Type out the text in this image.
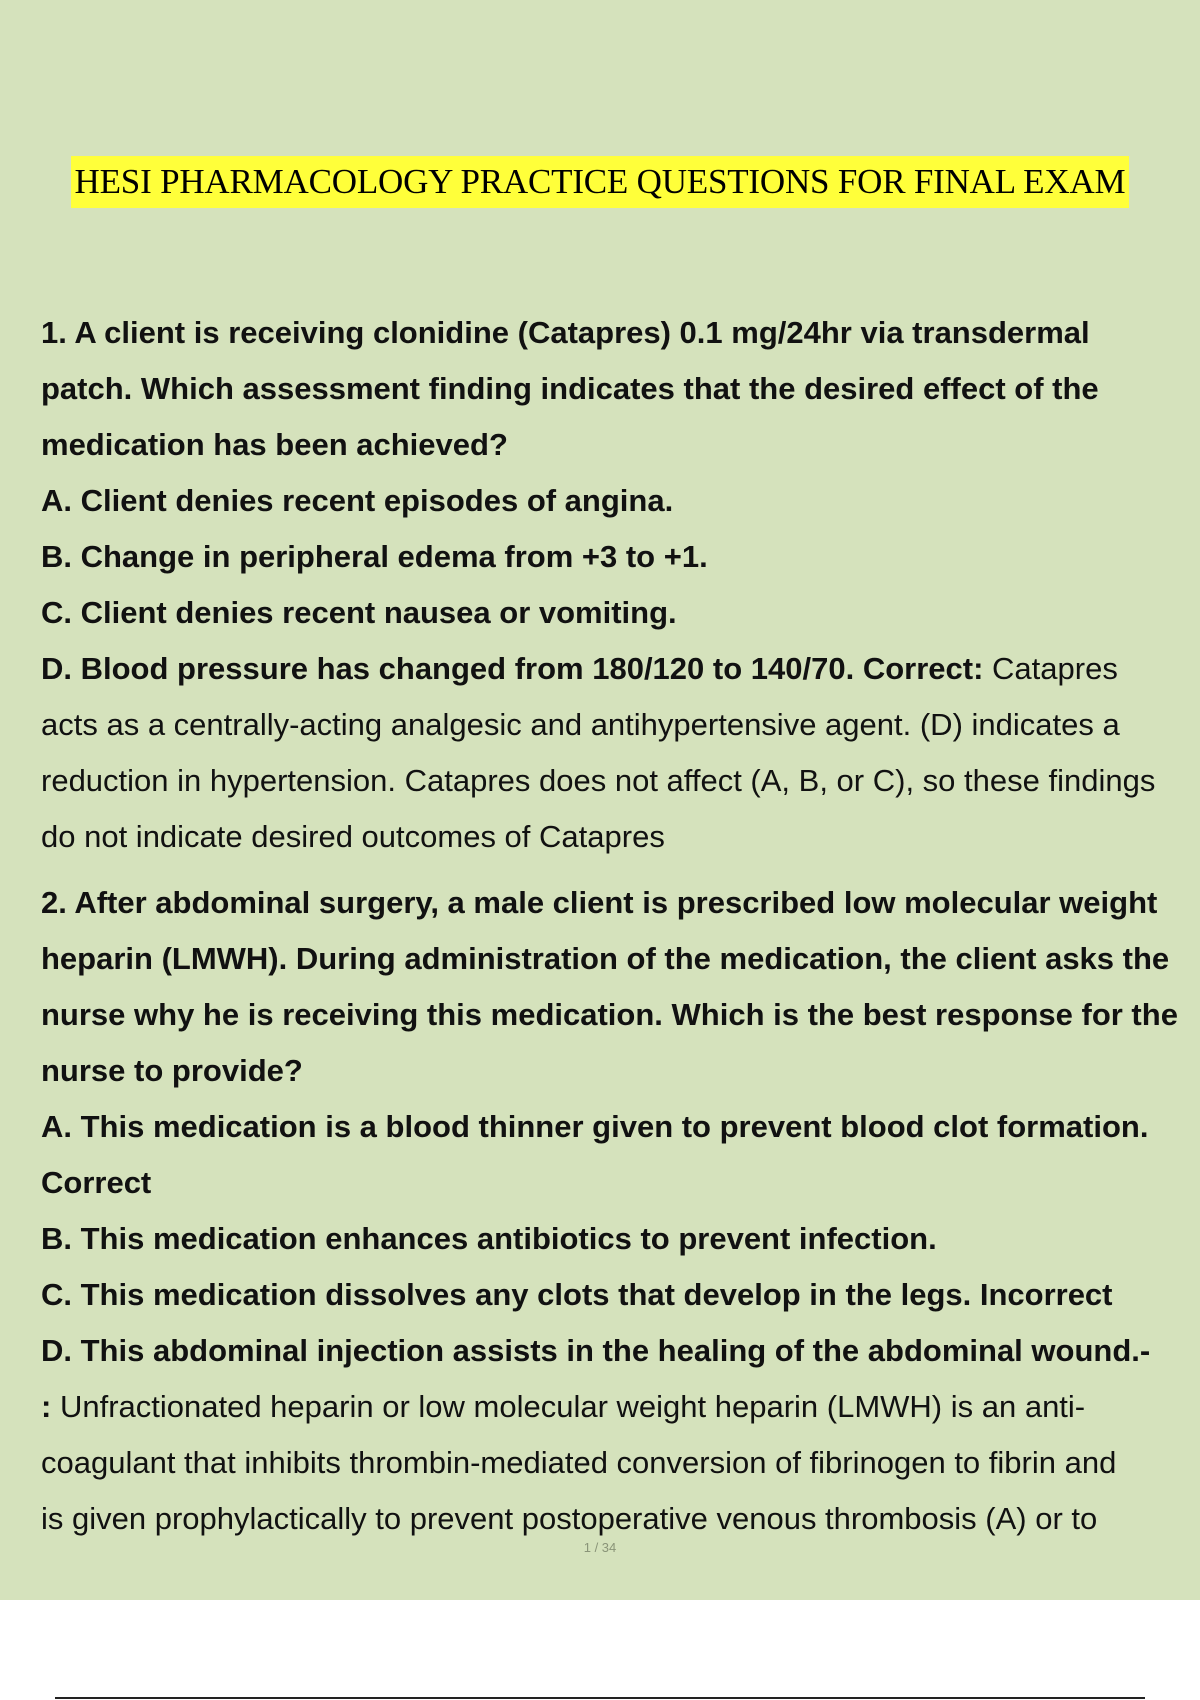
HESI PHARMACOLOGY PRACTICE QUESTIONS FOR FINAL EXAM
1. A client is receiving clonidine (Catapres) 0.1 mg/24hr via transdermal
patch. Which assessment finding indicates that the desired effect of the
medication has been achieved?
A. Client denies recent episodes of angina.
B. Change in peripheral edema from +3 to +1.
C. Client denies recent nausea or vomiting.
D. Blood pressure has changed from 180/120 to 140/70. Correct: Catapres
acts as a centrally-acting analgesic and antihypertensive agent. (D) indicates a
reduction in hypertension. Catapres does not affect (A, B, or C), so these findings
do not indicate desired outcomes of Catapres
2. After abdominal surgery, a male client is prescribed low molecular weight
heparin (LMWH). During administration of the medication, the client asks the
nurse why he is receiving this medication. Which is the best response for the
nurse to provide?
A. This medication is a blood thinner given to prevent blood clot formation.
Correct
B. This medication enhances antibiotics to prevent infection.
C. This medication dissolves any clots that develop in the legs. Incorrect
D. This abdominal injection assists in the healing of the abdominal wound.-
: Unfractionated heparin or low molecular weight heparin (LMWH) is an anti-
coagulant that inhibits thrombin-mediated conversion of fibrinogen to fibrin and
is given prophylactically to prevent postoperative venous thrombosis (A) or to
1 / 34
